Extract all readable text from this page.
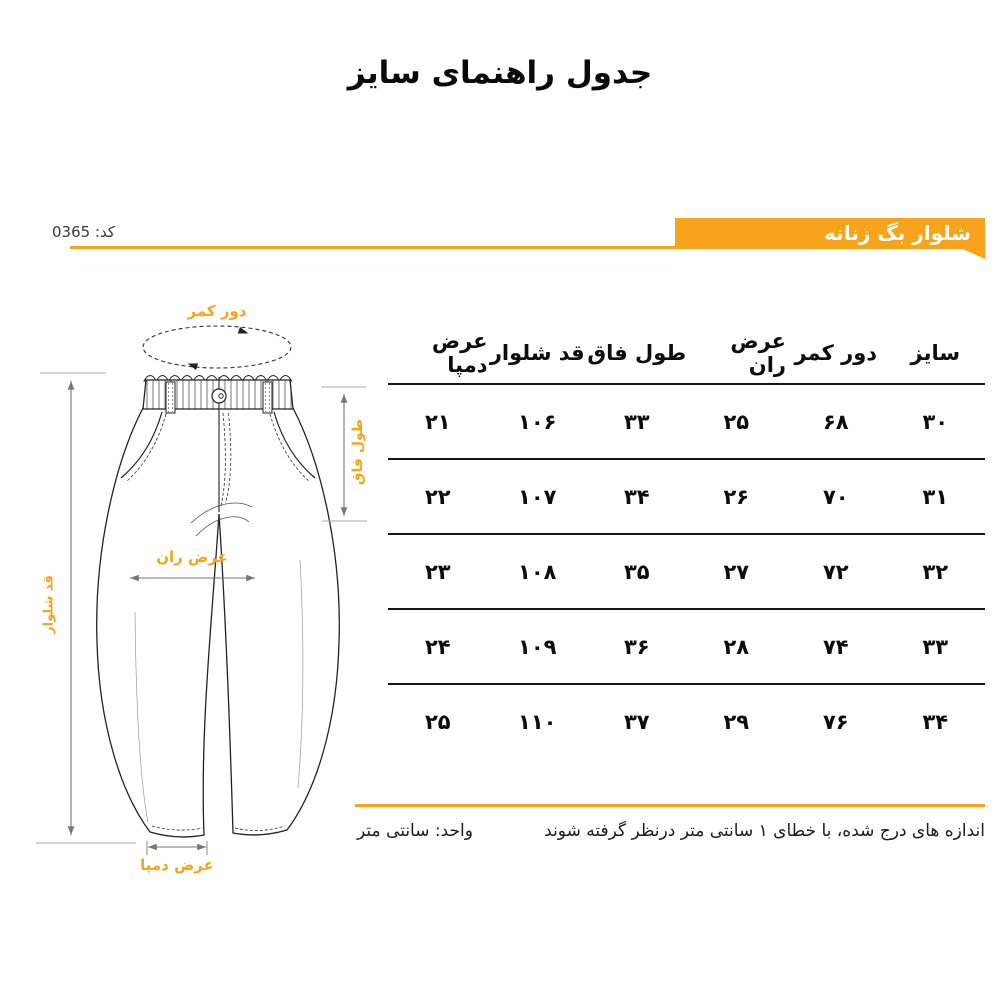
جدول راهنمای سایز
شلوار بگ زنانه
کد: 0365
دور کمر
طول فاق
قد شلوار
عرض ران
عرض دمپا
سایز
دور کمر
عرض ران
طول فاق
قد شلوار
عرض دمپا
۳۰
۶۸
۲۵
۳۳
۱۰۶
۲۱
۳۱
۷۰
۲۶
۳۴
۱۰۷
۲۲
۳۲
۷۲
۲۷
۳۵
۱۰۸
۲۳
۳۳
۷۴
۲۸
۳۶
۱۰۹
۲۴
۳۴
۷۶
۲۹
۳۷
۱۱۰
۲۵
اندازه های درج شده، با خطای ۱ سانتی متر درنظر گرفته شوند
واحد: سانتی متر
